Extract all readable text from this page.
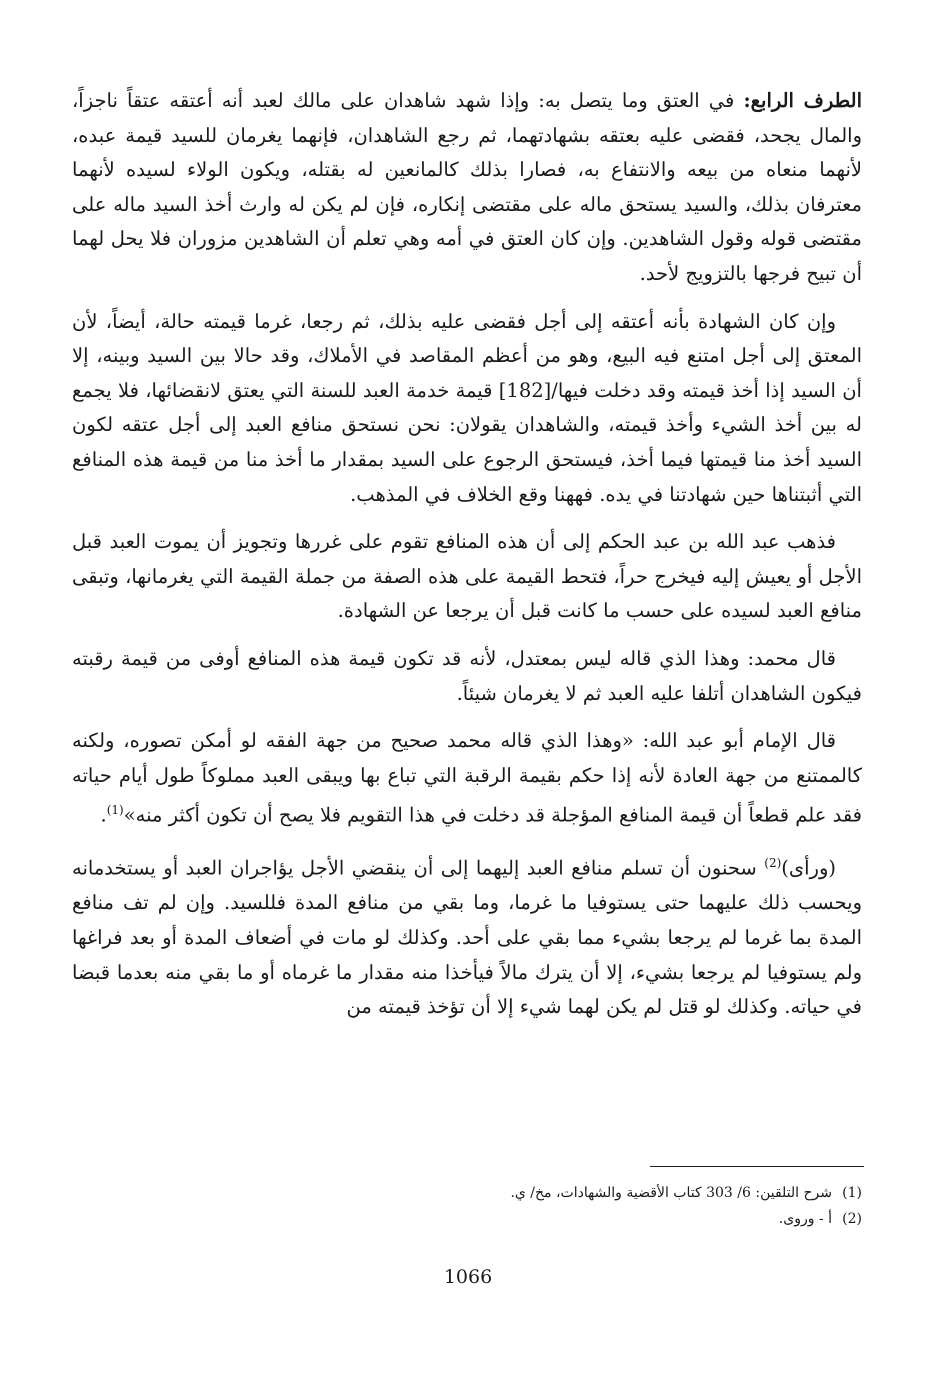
الطرف الرابع: في العتق وما يتصل به: وإذا شهد شاهدان على مالك لعبد أنه أعتقه عتقاً ناجزاً، والمال يجحد، فقضى عليه بعتقه بشهادتهما، ثم رجع الشاهدان، فإنهما يغرمان للسيد قيمة عبده، لأنهما منعاه من بيعه والانتفاع به، فصارا بذلك كالمانعين له بقتله، ويكون الولاء لسيده لأنهما معترفان بذلك، والسيد يستحق ماله على مقتضى إنكاره، فإن لم يكن له وارث أخذ السيد ماله على مقتضى قوله وقول الشاهدين. وإن كان العتق في أمه وهي تعلم أن الشاهدين مزوران فلا يحل لهما أن تبيح فرجها بالتزويج لأحد.

وإن كان الشهادة بأنه أعتقه إلى أجل فقضى عليه بذلك، ثم رجعا، غرما قيمته حالة، أيضاً، لأن المعتق إلى أجل امتنع فيه البيع، وهو من أعظم المقاصد في الأملاك، وقد حالا بين السيد وبينه، إلا أن السيد إذا أخذ قيمته وقد دخلت فيها/[182] قيمة خدمة العبد للسنة التي يعتق لانقضائها، فلا يجمع له بين أخذ الشيء وأخذ قيمته، والشاهدان يقولان: نحن نستحق منافع العبد إلى أجل عتقه لكون السيد أخذ منا قيمتها فيما أخذ، فيستحق الرجوع على السيد بمقدار ما أخذ منا من قيمة هذه المنافع التي أثبتناها حين شهادتنا في يده. فههنا وقع الخلاف في المذهب.

فذهب عبد الله بن عبد الحكم إلى أن هذه المنافع تقوم على غررها وتجويز أن يموت العبد قبل الأجل أو يعيش إليه فيخرج حراً، فتحط القيمة على هذه الصفة من جملة القيمة التي يغرمانها، وتبقى منافع العبد لسيده على حسب ما كانت قبل أن يرجعا عن الشهادة.

قال محمد: وهذا الذي قاله ليس بمعتدل، لأنه قد تكون قيمة هذه المنافع أوفى من قيمة رقبته فيكون الشاهدان أتلفا عليه العبد ثم لا يغرمان شيئاً.

قال الإمام أبو عبد الله: «وهذا الذي قاله محمد صحيح من جهة الفقه لو أمكن تصوره، ولكنه كالممتنع من جهة العادة لأنه إذا حكم بقيمة الرقبة التي تباع بها ويبقى العبد مملوكاً طول أيام حياته فقد علم قطعاً أن قيمة المنافع المؤجلة قد دخلت في هذا التقويم فلا يصح أن تكون أكثر منه»$^{(1)}$.

(ورأى)$^{(2)}$ سحنون أن تسلم منافع العبد إليهما إلى أن ينقضي الأجل يؤاجران العبد أو يستخدمانه ويحسب ذلك عليهما حتى يستوفيا ما غرما، وما بقي من منافع المدة فللسيد. وإن لم تف منافع المدة بما غرما لم يرجعا بشيء مما بقي على أحد. وكذلك لو مات في أضعاف المدة أو بعد فراغها ولم يستوفيا لم يرجعا بشيء، إلا أن يترك مالاً فيأخذا منه مقدار ما غرماه أو ما بقي منه بعدما قبضا في حياته. وكذلك لو قتل لم يكن لهما شيء إلا أن تؤخذ قيمته من

(1)شرح التلقين: 6/ 303 كتاب الأقضية والشهادات، مخ/ ي.

(2)أ - وروى.

1066
